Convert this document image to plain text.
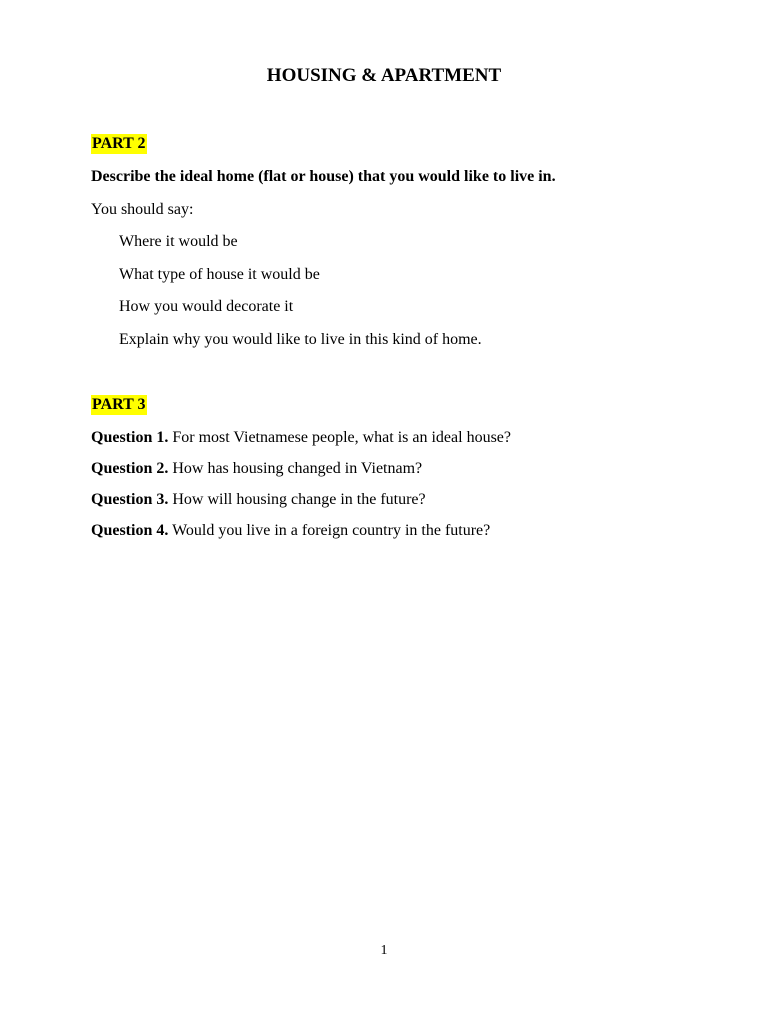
HOUSING & APARTMENT
PART 2
Describe the ideal home (flat or house) that you would like to live in.
You should say:
Where it would be
What type of house it would be
How you would decorate it
Explain why you would like to live in this kind of home.
PART 3
Question 1. For most Vietnamese people, what is an ideal house?
Question 2. How has housing changed in Vietnam?
Question 3. How will housing change in the future?
Question 4. Would you live in a foreign country in the future?
1
